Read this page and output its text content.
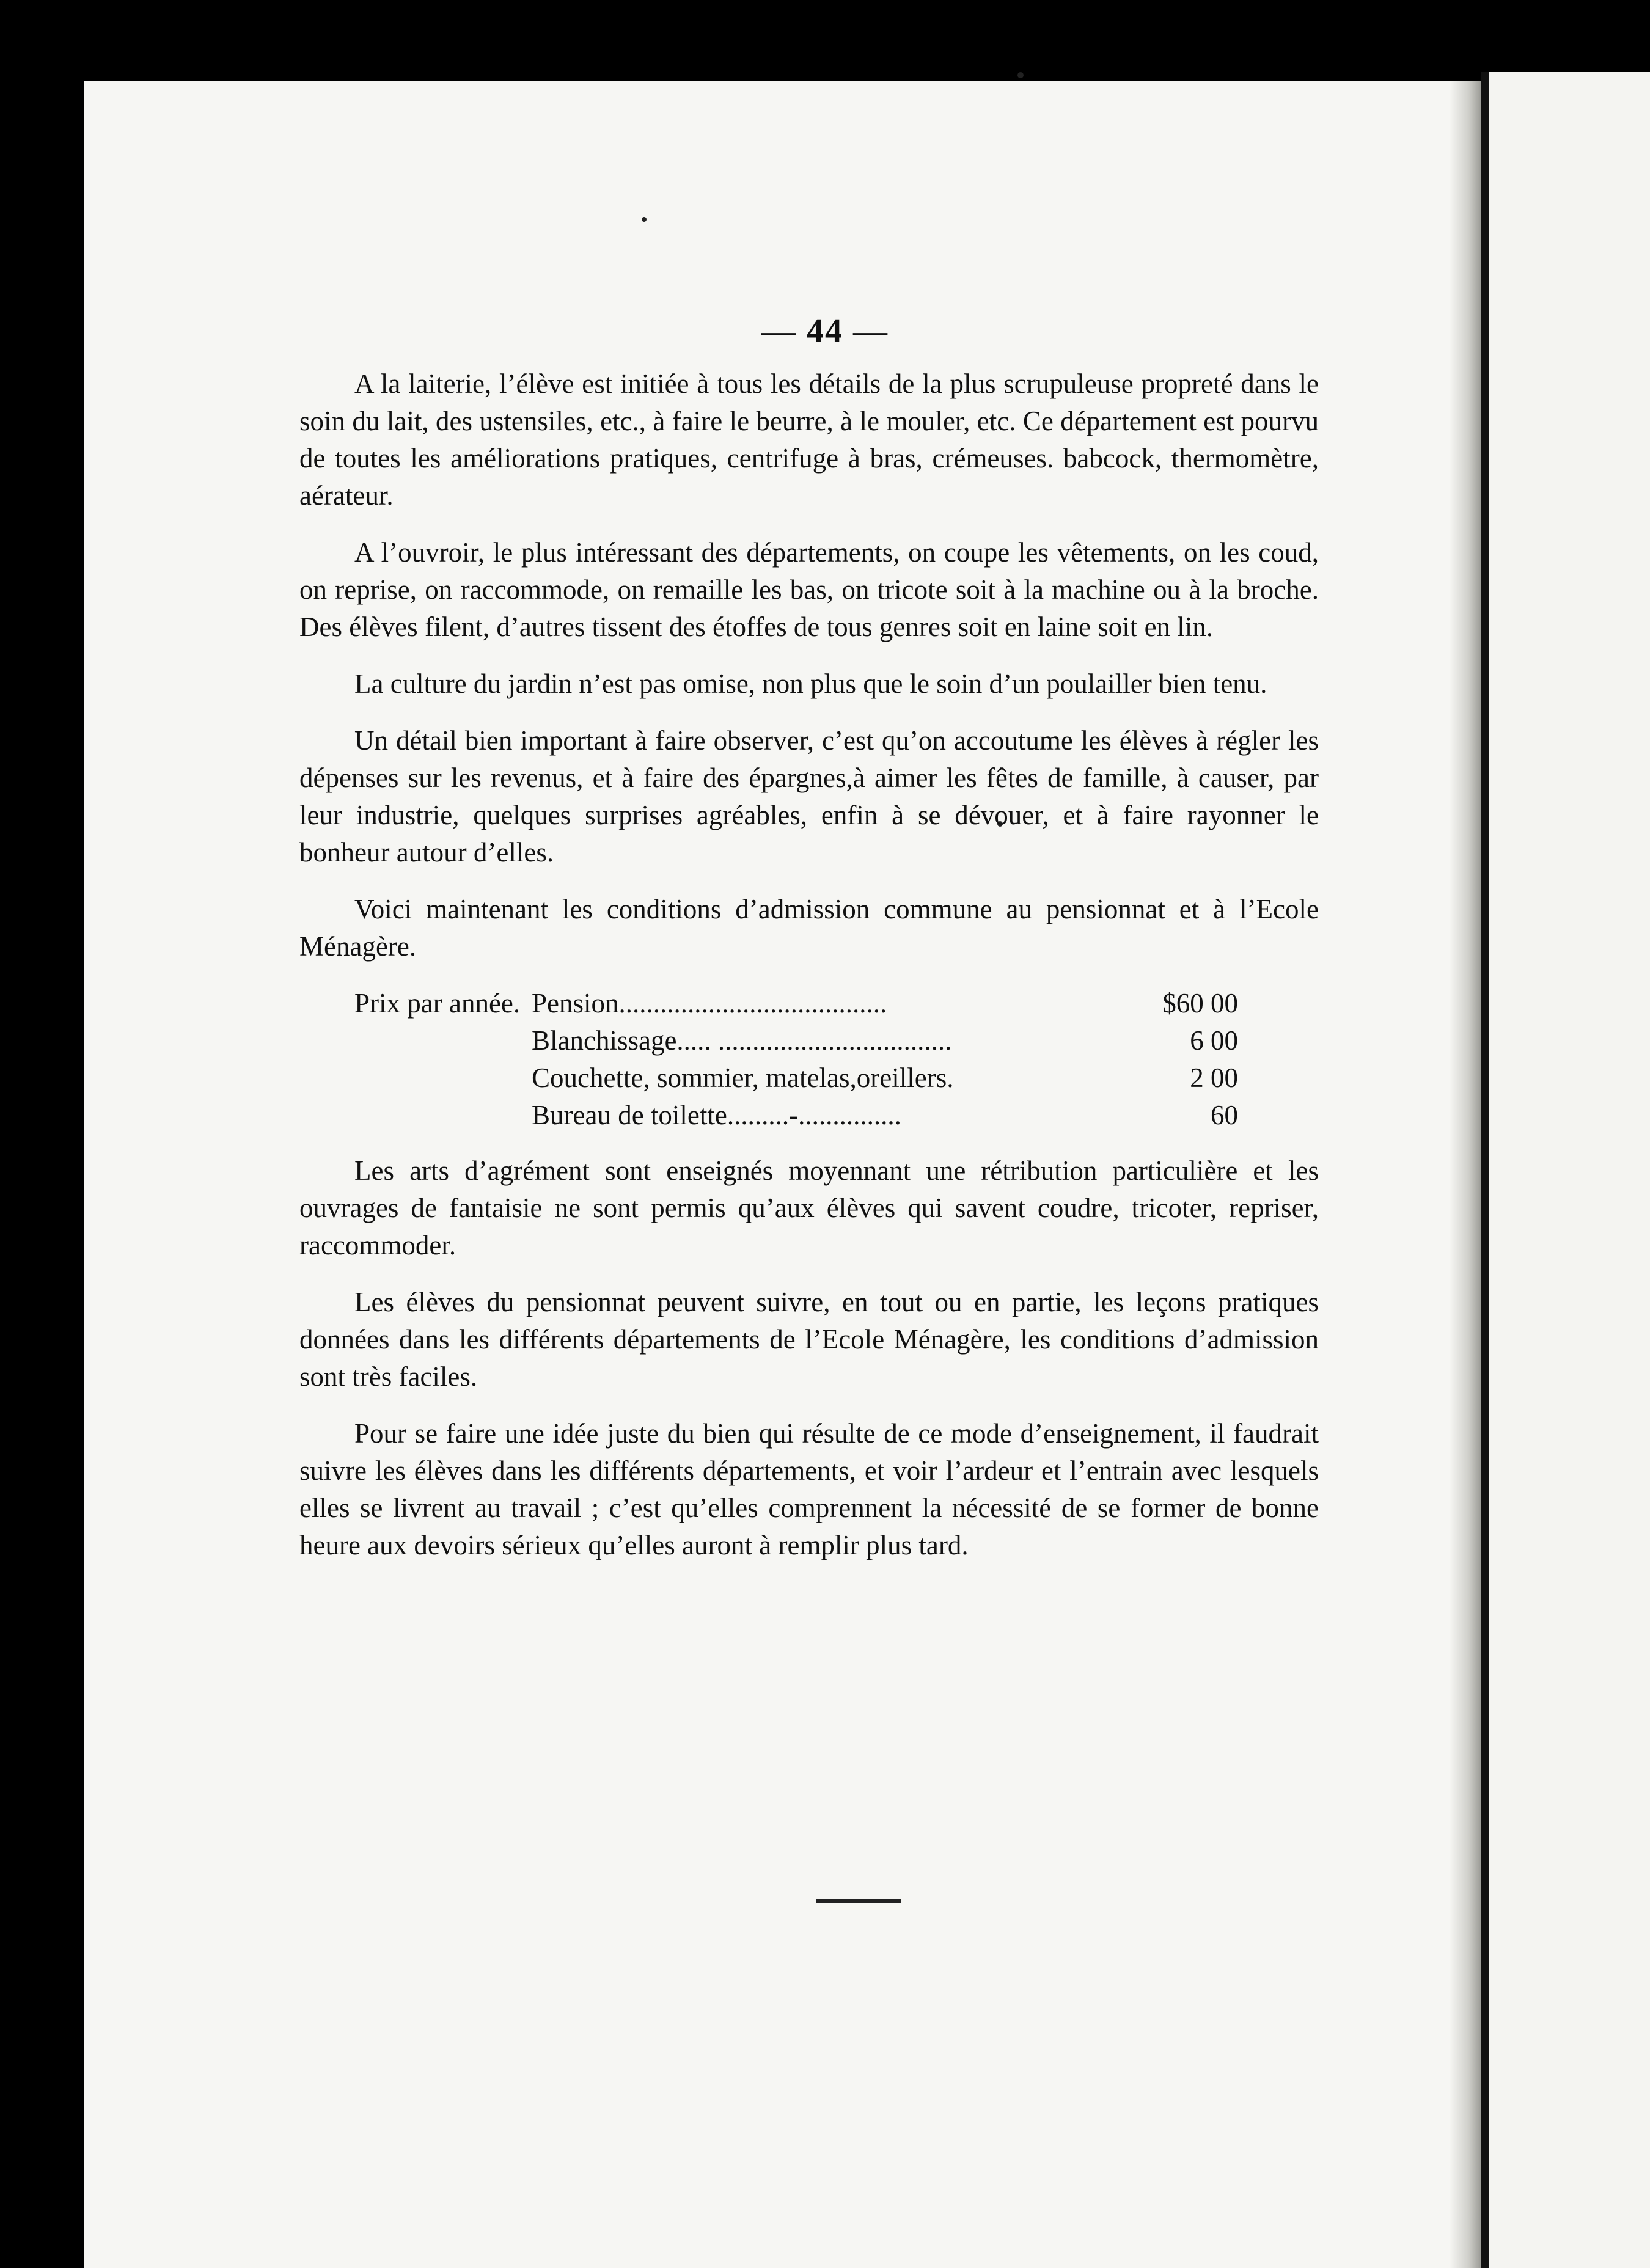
— 44 —

A la laiterie, l’élève est initiée à tous les détails de la plus scrupuleuse propreté dans le soin du lait, des ustensiles, etc., à faire le beurre, à le mouler, etc. Ce département est pourvu de toutes les améliorations pratiques, centrifuge à bras, crémeuses. babcock, thermomètre, aérateur.

A l’ouvroir, le plus intéressant des départements, on coupe les vêtements, on les coud, on reprise, on raccommode, on remaille les bas, on tricote soit à la machine ou à la broche. Des élèves filent, d’autres tissent des étoffes de tous genres soit en laine soit en lin.

La culture du jardin n’est pas omise, non plus que le soin d’un poulailler bien tenu.

Un détail bien important à faire observer, c’est qu’on accoutume les élèves à régler les dépenses sur les revenus, et à faire des épargnes,à aimer les fêtes de famille, à causer, par leur industrie, quelques surprises agréables, enfin à se dévouer, et à faire rayonner le bonheur autour d’elles.

Voici maintenant les conditions d’admission commune au pensionnat et à l’Ecole Ménagère.

Prix par année. Pension.......................................	$60 00
Blanchissage..... ..................................	6 00
Couchette, sommier, matelas,oreillers.	2 00
Bureau de toilette.........-...............	60

Les arts d’agrément sont enseignés moyennant une rétribution particulière et les ouvrages de fantaisie ne sont permis qu’aux élèves qui savent coudre, tricoter, repriser, raccommoder.

Les élèves du pensionnat peuvent suivre, en tout ou en partie, les leçons pratiques données dans les différents départements de l’Ecole Ménagère, les conditions d’admission sont très faciles.

Pour se faire une idée juste du bien qui résulte de ce mode d’enseignement, il faudrait suivre les élèves dans les différents départements, et voir l’ardeur et l’entrain avec lesquels elles se livrent au travail ; c’est qu’elles comprennent la nécessité de se former de bonne heure aux devoirs sérieux qu’elles auront à remplir plus tard.
